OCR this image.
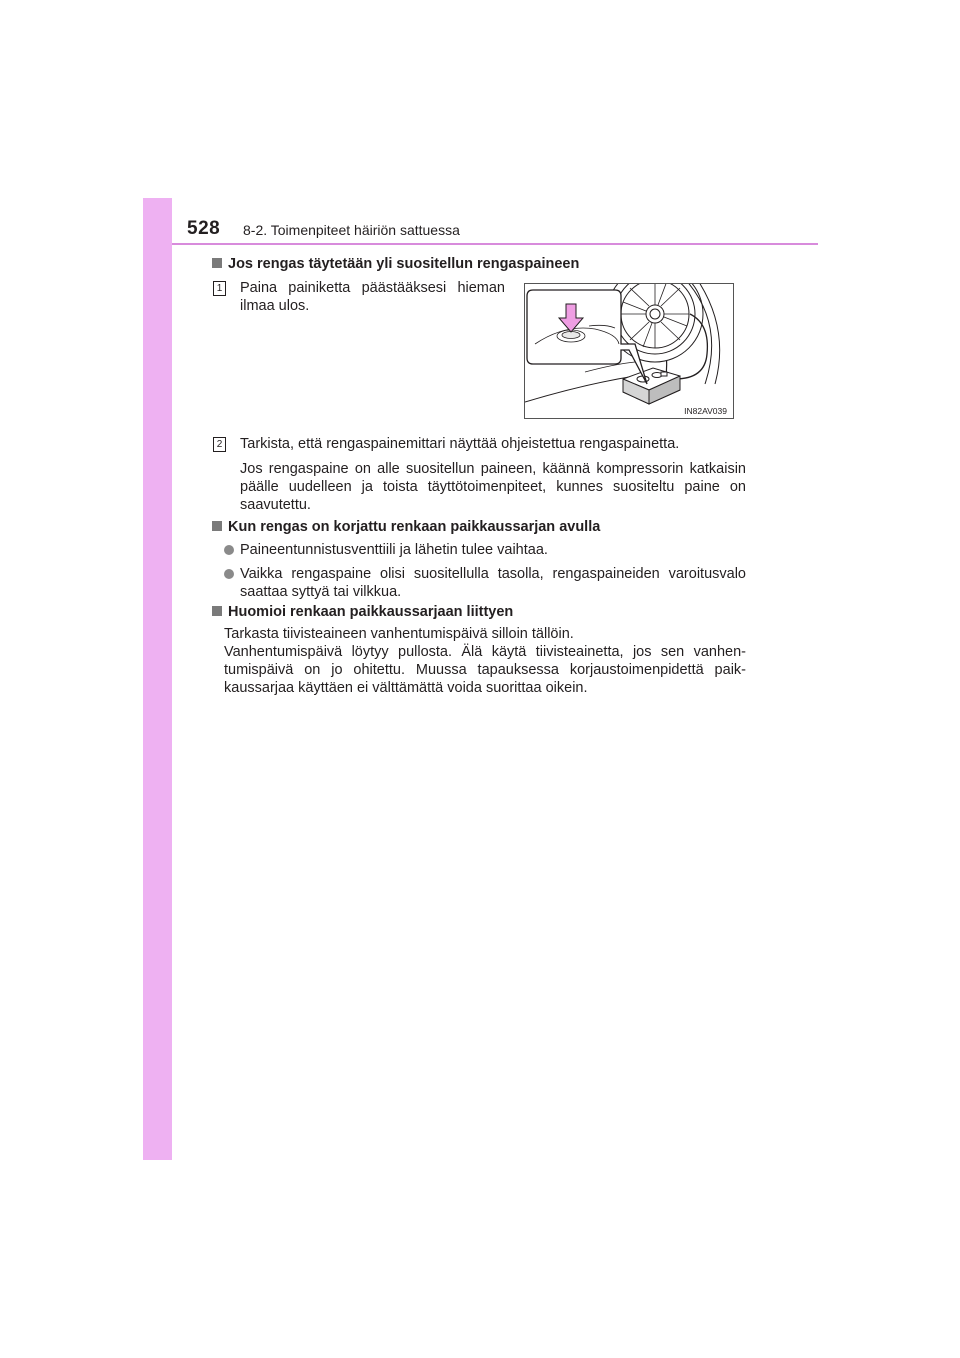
528 8-2. Toimenpiteet häiriön sattuessa
Jos rengas täytetään yli suositellun rengaspaineen
1 Paina painiketta päästääksesi hieman ilmaa ulos.
IN82AV039
2 Tarkista, että rengaspainemittari näyttää ohjeistettua rengaspainetta.
Jos rengaspaine on alle suositellun paineen, käännä kompressorin katkaisin päälle uudelleen ja toista täyttötoimenpiteet, kunnes suositeltu paine on saavutettu.
Kun rengas on korjattu renkaan paikkaussarjan avulla
Paineentunnistusventtiili ja lähetin tulee vaihtaa.
Vaikka rengaspaine olisi suositellulla tasolla, rengaspaineiden varoitusvalo saattaa syttyä tai vilkkua.
Huomioi renkaan paikkaussarjaan liittyen
Tarkasta tiivisteaineen vanhentumispäivä silloin tällöin.
Vanhentumispäivä löytyy pullosta. Älä käytä tiivisteainetta, jos sen vanhen-tumispäivä on jo ohitettu. Muussa tapauksessa korjaustoimenpidettä paik-kaussarjaa käyttäen ei välttämättä voida suorittaa oikein.
